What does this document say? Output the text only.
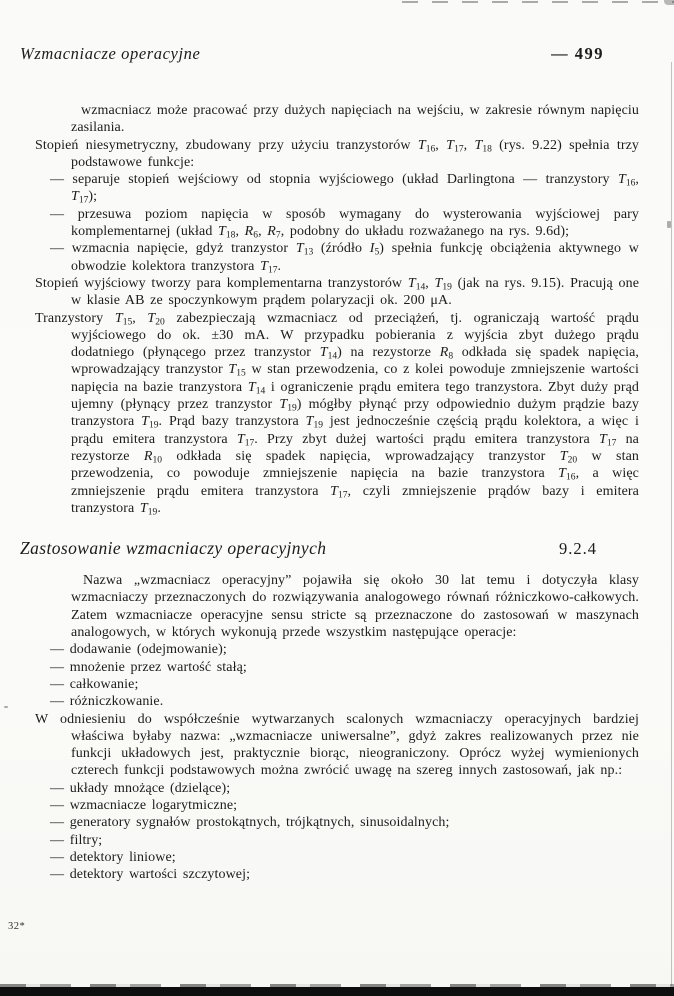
Wzmacniacze operacyjne	— 499
wzmacniacz może pracować przy dużych napięciach na wejściu, w zakresie równym napięciu zasilania.
Stopień niesymetryczny, zbudowany przy użyciu tranzystorów $T_{16}$, $T_{17}$, $T_{18}$ (rys. 9.22) spełnia trzy podstawowe funkcje:
— separuje stopień wejściowy od stopnia wyjściowego (układ Darlingtona — tranzystory $T_{16}$, $T_{17}$);
— przesuwa poziom napięcia w sposób wymagany do wysterowania wyjściowej pary komplementarnej (układ $T_{18}$, $R_6$, $R_7$, podobny do układu rozważanego na rys. 9.6d);
— wzmacnia napięcie, gdyż tranzystor $T_{13}$ (źródło $I_5$) spełnia funkcję obciążenia aktywnego w obwodzie kolektora tranzystora $T_{17}$.
Stopień wyjściowy tworzy para komplementarna tranzystorów $T_{14}$, $T_{19}$ (jak na rys. 9.15). Pracują one w klasie AB ze spoczynkowym prądem polaryzacji ok. 200 μA.
Tranzystory $T_{15}$, $T_{20}$ zabezpieczają wzmacniacz od przeciążeń, tj. ograniczają wartość prądu wyjściowego do ok. ±30 mA. W przypadku pobierania z wyjścia zbyt dużego prądu dodatniego (płynącego przez tranzystor $T_{14}$) na rezystorze $R_8$ odkłada się spadek napięcia, wprowadzający tranzystor $T_{15}$ w stan przewodzenia, co z kolei powoduje zmniejszenie wartości napięcia na bazie tranzystora $T_{14}$ i ograniczenie prądu emitera tego tranzystora. Zbyt duży prąd ujemny (płynący przez tranzystor $T_{19}$) mógłby płynąć przy odpowiednio dużym prądzie bazy tranzystora $T_{19}$. Prąd bazy tranzystora $T_{19}$ jest jednocześnie częścią prądu kolektora, a więc i prądu emitera tranzystora $T_{17}$. Przy zbyt dużej wartości prądu emitera tranzystora $T_{17}$ na rezystorze $R_{10}$ odkłada się spadek napięcia, wprowadzający tranzystor $T_{20}$ w stan przewodzenia, co powoduje zmniejszenie napięcia na bazie tranzystora $T_{16}$, a więc zmniejszenie prądu emitera tranzystora $T_{17}$, czyli zmniejszenie prądów bazy i emitera tranzystora $T_{19}$.
Zastosowanie wzmacniaczy operacyjnych	9.2.4
Nazwa „wzmacniacz operacyjny” pojawiła się około 30 lat temu i dotyczyła klasy wzmacniaczy przeznaczonych do rozwiązywania analogowego równań różniczkowo-całkowych. Zatem wzmacniacze operacyjne sensu stricte są przeznaczone do zastosowań w maszynach analogowych, w których wykonują przede wszystkim następujące operacje:
— dodawanie (odejmowanie);
— mnożenie przez wartość stałą;
— całkowanie;
— różniczkowanie.
W odniesieniu do współcześnie wytwarzanych scalonych wzmacniaczy operacyjnych bardziej właściwa byłaby nazwa: „wzmacniacze uniwersalne”, gdyż zakres realizowanych przez nie funkcji układowych jest, praktycznie biorąc, nieograniczony. Oprócz wyżej wymienionych czterech funkcji podstawowych można zwrócić uwagę na szereg innych zastosowań, jak np.:
— układy mnożące (dzielące);
— wzmacniacze logarytmiczne;
— generatory sygnałów prostokątnych, trójkątnych, sinusoidalnych;
— filtry;
— detektory liniowe;
— detektory wartości szczytowej;
32*
